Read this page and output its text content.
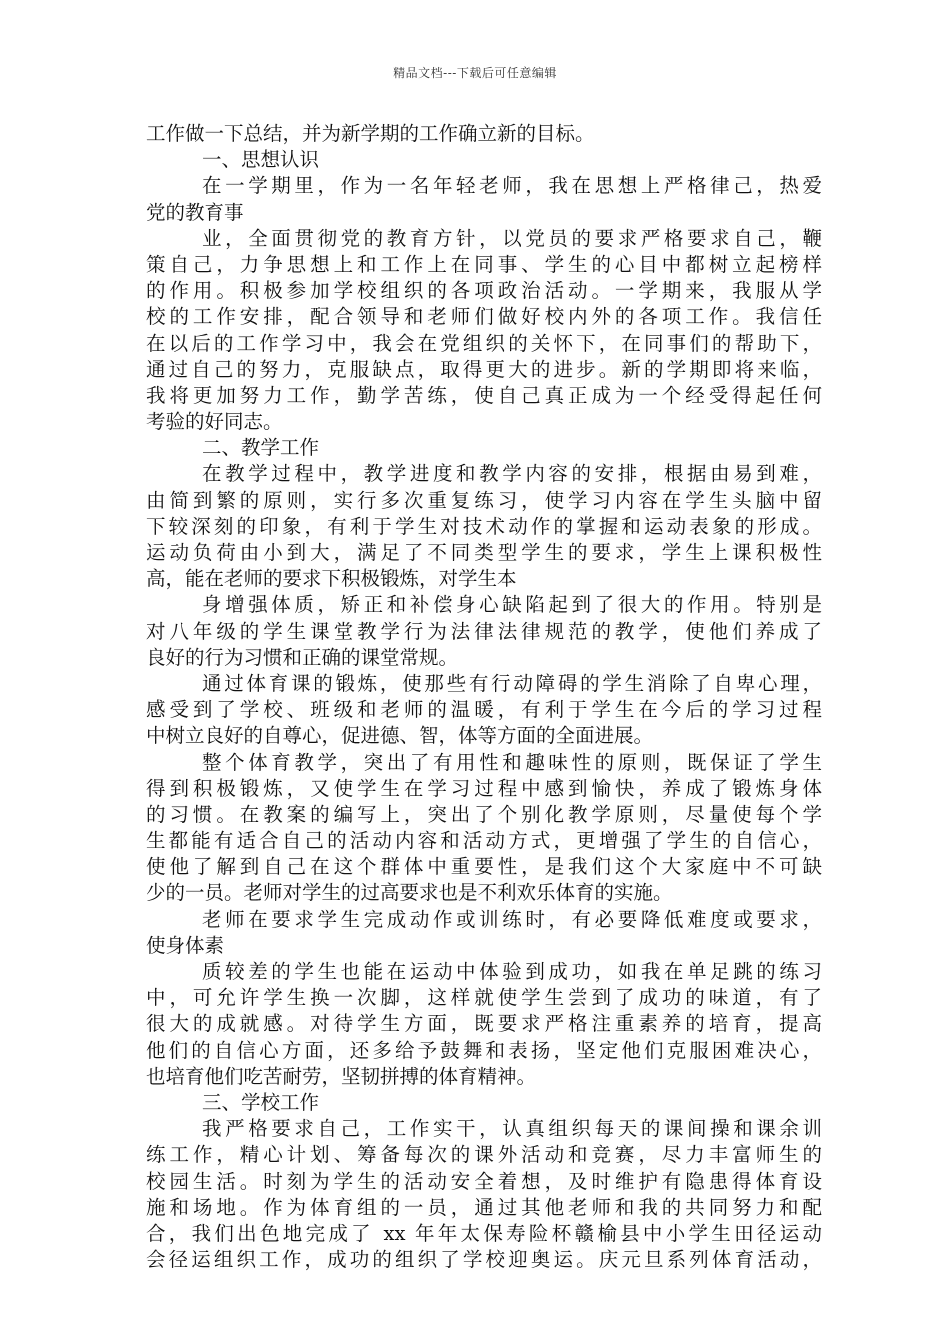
精品文档---下载后可任意编辑
工作做一下总结，并为新学期的工作确立新的目标。
一、思想认识
在一学期里，作为一名年轻老师，我在思想上严格律己，热爱
党的教育事
业，全面贯彻党的教育方针，以党员的要求严格要求自己，鞭
策自己，力争思想上和工作上在同事、学生的心目中都树立起榜样
的作用。积极参加学校组织的各项政治活动。一学期来，我服从学
校的工作安排，配合领导和老师们做好校内外的各项工作。我信任
在以后的工作学习中，我会在党组织的关怀下，在同事们的帮助下，
通过自己的努力，克服缺点，取得更大的进步。新的学期即将来临，
我将更加努力工作，勤学苦练，使自己真正成为一个经受得起任何
考验的好同志。
二、教学工作
在教学过程中，教学进度和教学内容的安排，根据由易到难，
由简到繁的原则，实行多次重复练习，使学习内容在学生头脑中留
下较深刻的印象，有利于学生对技术动作的掌握和运动表象的形成。
运动负荷由小到大，满足了不同类型学生的要求，学生上课积极性
高，能在老师的要求下积极锻炼，对学生本
身增强体质，矫正和补偿身心缺陷起到了很大的作用。特别是
对八年级的学生课堂教学行为法律法律规范的教学，使他们养成了
良好的行为习惯和正确的课堂常规。
通过体育课的锻炼，使那些有行动障碍的学生消除了自卑心理，
感受到了学校、班级和老师的温暖，有利于学生在今后的学习过程
中树立良好的自尊心，促进德、智，体等方面的全面进展。
整个体育教学，突出了有用性和趣味性的原则，既保证了学生
得到积极锻炼，又使学生在学习过程中感到愉快，养成了锻炼身体
的习惯。在教案的编写上，突出了个别化教学原则，尽量使每个学
生都能有适合自己的活动内容和活动方式，更增强了学生的自信心，
使他了解到自己在这个群体中重要性，是我们这个大家庭中不可缺
少的一员。老师对学生的过高要求也是不利欢乐体育的实施。
老师在要求学生完成动作或训练时，有必要降低难度或要求，
使身体素
质较差的学生也能在运动中体验到成功，如我在单足跳的练习
中，可允许学生换一次脚，这样就使学生尝到了成功的味道，有了
很大的成就感。对待学生方面，既要求严格注重素养的培育，提高
他们的自信心方面，还多给予鼓舞和表扬，坚定他们克服困难决心，
也培育他们吃苦耐劳，坚韧拼搏的体育精神。
三、学校工作
我严格要求自己，工作实干，认真组织每天的课间操和课余训
练工作，精心计划、筹备每次的课外活动和竞赛，尽力丰富师生的
校园生活。时刻为学生的活动安全着想，及时维护有隐患得体育设
施和场地。作为体育组的一员，通过其他老师和我的共同努力和配
合，我们出色地完成了 xx 年年太保寿险杯赣榆县中小学生田径运动
会径运组织工作，成功的组织了学校迎奥运。庆元旦系列体育活动，
